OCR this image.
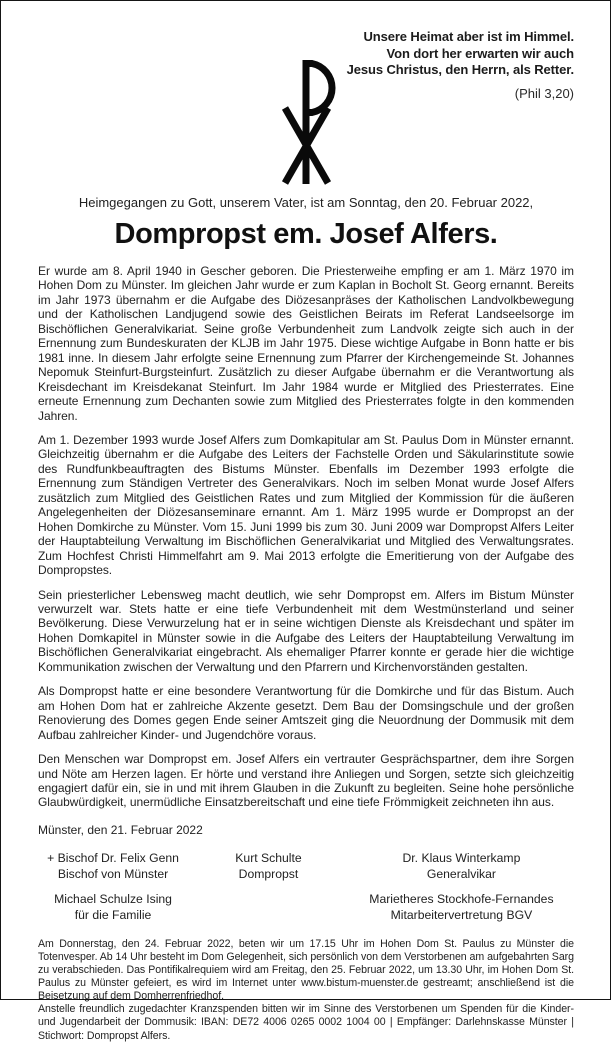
Unsere Heimat aber ist im Himmel.
Von dort her erwarten wir auch
Jesus Christus, den Herrn, als Retter.
(Phil 3,20)
Heimgegangen zu Gott, unserem Vater, ist am Sonntag, den 20. Februar 2022,
Dompropst em. Josef Alfers.

Er wurde am 8. April 1940 in Gescher geboren. Die Priesterweihe empfing er am 1. März 1970 im Hohen Dom zu Münster. Im gleichen Jahr wurde er zum Kaplan in Bocholt St. Georg ernannt. Bereits im Jahr 1973 übernahm er die Aufgabe des Diözesanpräses der Katholischen Landvolkbewegung und der Katholischen Landjugend sowie des Geistlichen Beirats im Referat Landseelsorge im Bischöflichen Generalvikariat. Seine große Verbundenheit zum Landvolk zeigte sich auch in der Ernennung zum Bundeskuraten der KLJB im Jahr 1975. Diese wichtige Aufgabe in Bonn hatte er bis 1981 inne. In diesem Jahr erfolgte seine Ernennung zum Pfarrer der Kirchengemeinde St. Johannes Nepomuk Steinfurt-Burgsteinfurt. Zusätzlich zu dieser Aufgabe übernahm er die Verantwortung als Kreisdechant im Kreisdekanat Steinfurt. Im Jahr 1984 wurde er Mitglied des Priesterrates. Eine erneute Ernennung zum Dechanten sowie zum Mitglied des Priesterrates folgte in den kommenden Jahren.

Am 1. Dezember 1993 wurde Josef Alfers zum Domkapitular am St. Paulus Dom in Münster ernannt. Gleichzeitig übernahm er die Aufgabe des Leiters der Fachstelle Orden und Säkularinstitute sowie des Rundfunkbeauftragten des Bistums Münster. Ebenfalls im Dezember 1993 erfolgte die Ernennung zum Ständigen Vertreter des Generalvikars. Noch im selben Monat wurde Josef Alfers zusätzlich zum Mitglied des Geistlichen Rates und zum Mitglied der Kommission für die äußeren Angelegenheiten der Diözesanseminare ernannt. Am 1. März 1995 wurde er Dompropst an der Hohen Domkirche zu Münster. Vom 15. Juni 1999 bis zum 30. Juni 2009 war Dompropst Alfers Leiter der Hauptabteilung Verwaltung im Bischöflichen Generalvikariat und Mitglied des Verwaltungsrates. Zum Hochfest Christi Himmelfahrt am 9. Mai 2013 erfolgte die Emeritierung von der Aufgabe des Dompropstes.

Sein priesterlicher Lebensweg macht deutlich, wie sehr Dompropst em. Alfers im Bistum Münster verwurzelt war. Stets hatte er eine tiefe Verbundenheit mit dem Westmünsterland und seiner Bevölkerung. Diese Verwurzelung hat er in seine wichtigen Dienste als Kreisdechant und später im Hohen Domkapitel in Münster sowie in die Aufgabe des Leiters der Hauptabteilung Verwaltung im Bischöflichen Generalvikariat eingebracht. Als ehemaliger Pfarrer konnte er gerade hier die wichtige Kommunikation zwischen der Verwaltung und den Pfarrern und Kirchenvorständen gestalten.

Als Dompropst hatte er eine besondere Verantwortung für die Domkirche und für das Bistum. Auch am Hohen Dom hat er zahlreiche Akzente gesetzt. Dem Bau der Domsingschule und der großen Renovierung des Domes gegen Ende seiner Amtszeit ging die Neuordnung der Dommusik mit dem Aufbau zahlreicher Kinder- und Jugendchöre voraus.

Den Menschen war Dompropst em. Josef Alfers ein vertrauter Gesprächspartner, dem ihre Sorgen und Nöte am Herzen lagen. Er hörte und verstand ihre Anliegen und Sorgen, setzte sich gleichzeitig engagiert dafür ein, sie in und mit ihrem Glauben in die Zukunft zu begleiten. Seine hohe persönliche Glaubwürdigkeit, unermüdliche Einsatzbereitschaft und eine tiefe Frömmigkeit zeichneten ihn aus.

Münster, den 21. Februar 2022
+ Bischof Dr. Felix Genn
Bischof von Münster
Kurt Schulte
Dompropst
Dr. Klaus Winterkamp
Generalvikar
Michael Schulze Ising
für die Familie
Marietheres Stockhofe-Fernandes
Mitarbeitervertretung BGV

Am Donnerstag, den 24. Februar 2022, beten wir um 17.15 Uhr im Hohen Dom St. Paulus zu Münster die Totenvesper. Ab 14 Uhr besteht im Dom Gelegenheit, sich persönlich von dem Verstorbenen am aufgebahrten Sarg zu verabschieden. Das Pontifikalrequiem wird am Freitag, den 25. Februar 2022, um 13.30 Uhr, im Hohen Dom St. Paulus zu Münster gefeiert, es wird im Internet unter www.bistum-muenster.de gestreamt; anschließend ist die Beisetzung auf dem Domherrenfriedhof.

Anstelle freundlich zugedachter Kranzspenden bitten wir im Sinne des Verstorbenen um Spenden für die Kinder- und Jugendarbeit der Dommusik: IBAN: DE72 4006 0265 0002 1004 00 | Empfänger: Darlehnskasse Münster | Stichwort: Dompropst Alfers.
